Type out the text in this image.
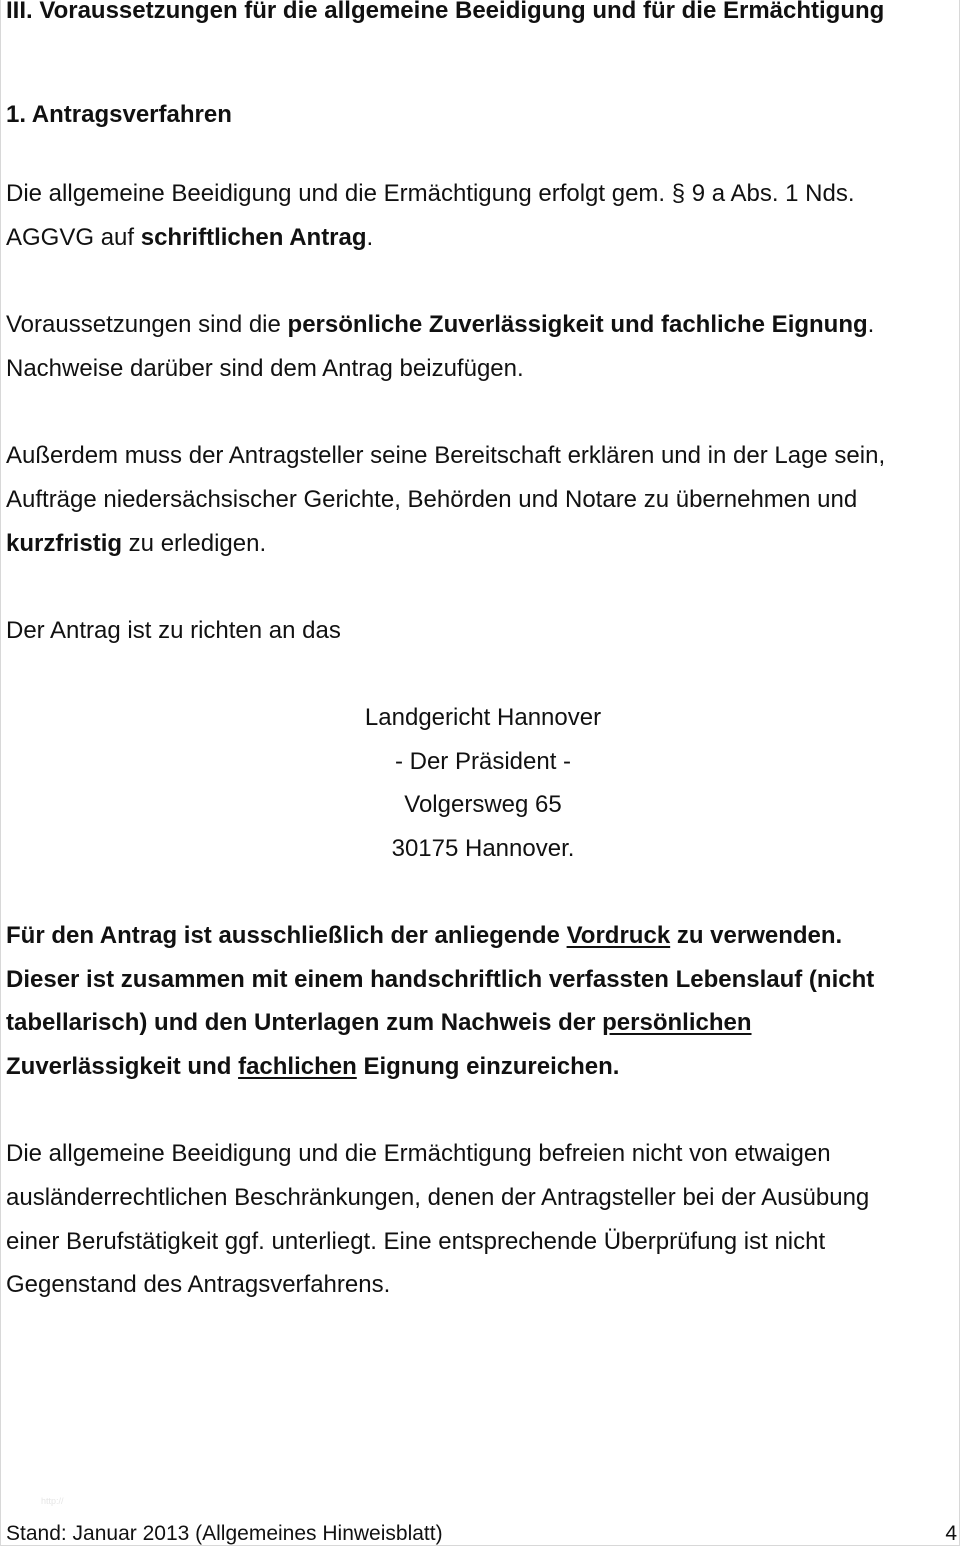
III. Voraussetzungen für die allgemeine Beeidigung und für die Ermächtigung
1. Antragsverfahren
Die allgemeine Beeidigung und die Ermächtigung erfolgt gem. § 9 a Abs. 1 Nds.
AGGVG auf schriftlichen Antrag.
Voraussetzungen sind die persönliche Zuverlässigkeit und fachliche Eignung.
Nachweise darüber sind dem Antrag beizufügen.
Außerdem muss der Antragsteller seine Bereitschaft erklären und in der Lage sein,
Aufträge niedersächsischer Gerichte, Behörden und Notare zu übernehmen und
kurzfristig zu erledigen.
Der Antrag ist zu richten an das
Landgericht Hannover
- Der Präsident -
Volgersweg 65
30175 Hannover.
Für den Antrag ist ausschließlich der anliegende Vordruck zu verwenden.
Dieser ist zusammen mit einem handschriftlich verfassten Lebenslauf (nicht
tabellarisch) und den Unterlagen zum Nachweis der persönlichen
Zuverlässigkeit und fachlichen Eignung einzureichen.
Die allgemeine Beeidigung und die Ermächtigung befreien nicht von etwaigen
ausländerrechtlichen Beschränkungen, denen der Antragsteller bei der Ausübung
einer Berufstätigkeit ggf. unterliegt. Eine entsprechende Überprüfung ist nicht
Gegenstand des Antragsverfahrens.
http://
Stand: Januar 2013 (Allgemeines Hinweisblatt)	4
